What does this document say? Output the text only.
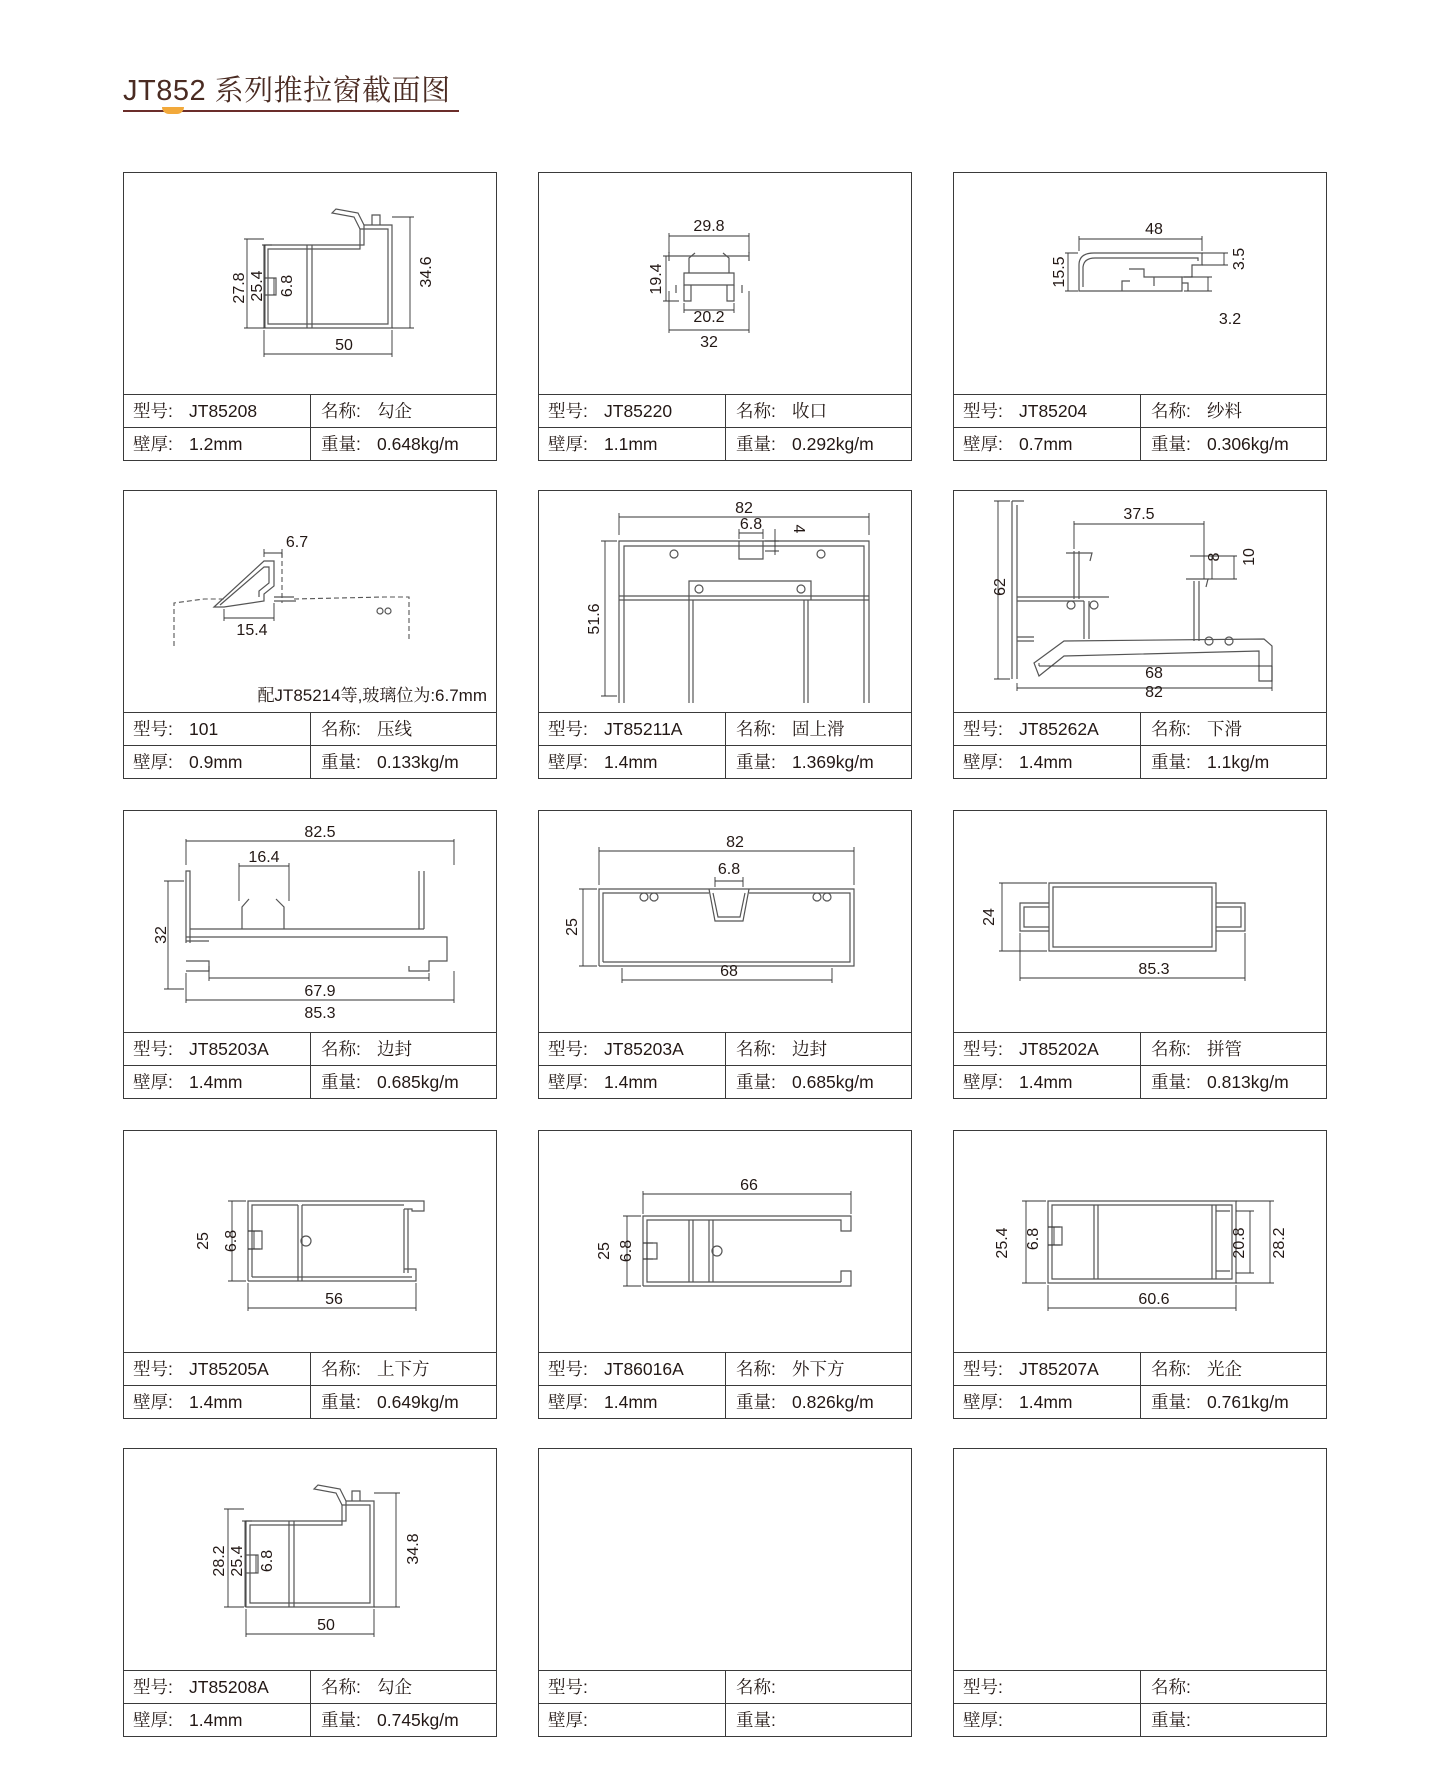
JT852 系列推拉窗截面图
27.8 25.4 6.8	34.6
50
型号: JT85208	名称: 勾企
壁厚: 1.2mm	重量: 0.648kg/m
29.8
19.4
20.2
32
型号: JT85220	名称: 收口
壁厚: 1.1mm	重量: 0.292kg/m
48
15.5	3.5
3.2
型号: JT85204	名称: 纱料
壁厚: 0.7mm	重量: 0.306kg/m
6.7
15.4
配JT85214等,玻璃位为:6.7mm
型号: 101	名称: 压线
壁厚: 0.9mm	重量: 0.133kg/m
82
6.8 4
51.6
型号: JT85211A	名称: 固上滑
壁厚: 1.4mm	重量: 1.369kg/m
37.5
8 10
62
68
82
型号: JT85262A	名称: 下滑
壁厚: 1.4mm	重量: 1.1kg/m
82.5
16.4
32
67.9
85.3
型号: JT85203A	名称: 边封
壁厚: 1.4mm	重量: 0.685kg/m
82
6.8
25
68
型号: JT85203A	名称: 边封
壁厚: 1.4mm	重量: 0.685kg/m
24
85.3
型号: JT85202A	名称: 拼管
壁厚: 1.4mm	重量: 0.813kg/m
25 6.8
56
型号: JT85205A	名称: 上下方
壁厚: 1.4mm	重量: 0.649kg/m
66
25 6.8
型号: JT86016A	名称: 外下方
壁厚: 1.4mm	重量: 0.826kg/m
25.4 6.8	20.8 28.2
60.6
型号: JT85207A	名称: 光企
壁厚: 1.4mm	重量: 0.761kg/m
28.2 25.4 6.8	34.8
50
型号: JT85208A	名称: 勾企
壁厚: 1.4mm	重量: 0.745kg/m
型号:	名称:
壁厚:	重量:
型号:	名称:
壁厚:	重量:
